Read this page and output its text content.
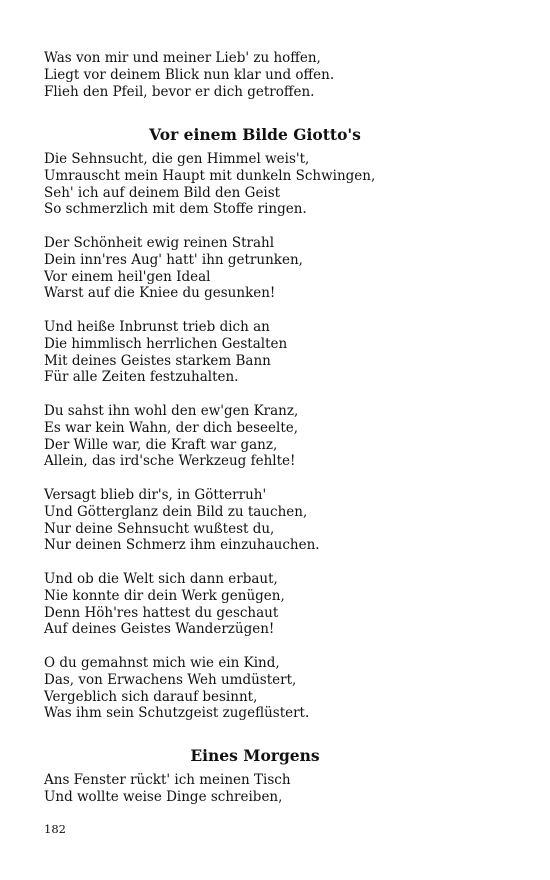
Was von mir und meiner Lieb' zu hoffen,
Liegt vor deinem Blick nun klar und offen.
Flieh den Pfeil, bevor er dich getroffen.
Vor einem Bilde Giotto's
Die Sehnsucht, die gen Himmel weis't,
Umrauscht mein Haupt mit dunkeln Schwingen,
Seh' ich auf deinem Bild den Geist
So schmerzlich mit dem Stoffe ringen.
Der Schönheit ewig reinen Strahl
Dein inn'res Aug' hatt' ihn getrunken,
Vor einem heil'gen Ideal
Warst auf die Kniee du gesunken!
Und heiße Inbrunst trieb dich an
Die himmlisch herrlichen Gestalten
Mit deines Geistes starkem Bann
Für alle Zeiten festzuhalten.
Du sahst ihn wohl den ew'gen Kranz,
Es war kein Wahn, der dich beseelte,
Der Wille war, die Kraft war ganz,
Allein, das ird'sche Werkzeug fehlte!
Versagt blieb dir's, in Götterruh'
Und Götterglanz dein Bild zu tauchen,
Nur deine Sehnsucht wußtest du,
Nur deinen Schmerz ihm einzuhauchen.
Und ob die Welt sich dann erbaut,
Nie konnte dir dein Werk genügen,
Denn Höh'res hattest du geschaut
Auf deines Geistes Wanderzügen!
O du gemahnst mich wie ein Kind,
Das, von Erwachens Weh umdüstert,
Vergeblich sich darauf besinnt,
Was ihm sein Schutzgeist zugeflüstert.
Eines Morgens
Ans Fenster rückt' ich meinen Tisch
Und wollte weise Dinge schreiben,
182
